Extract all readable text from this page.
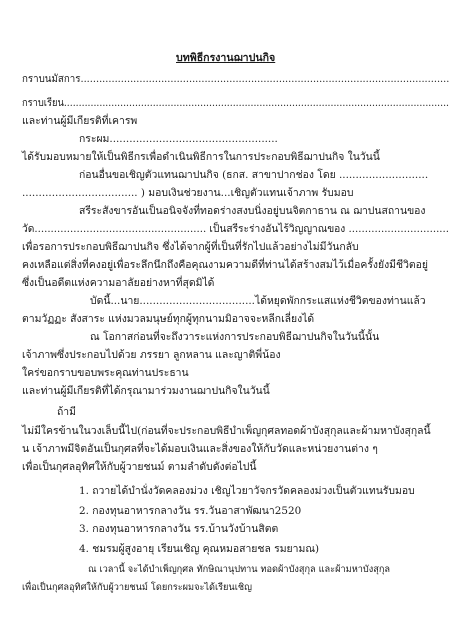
บทพิธีกรงานฌาปนกิจ
กราบนมัสการ.......................................................................................................................
กราบเรียน..................................................................................................................................
และท่านผู้มีเกียรติที่เคารพ
กระผม...................................................
ได้รับมอบหมายให้เป็นพิธีกรเพื่อดำเนินพิธีการในการประกอบพิธีฌาปนกิจ ในวันนี้
ก่อนอื่นขอเชิญตัวแทนฌาปนกิจ (ธกส. สาขาปากช่อง โดย ...........................
................................... ) มอบเงินช่วยงาน...เชิญตัวแทนเจ้าภาพ รับมอบ
สรีระสังขารอันเป็นอนิจจังที่ทอดร่างสงบนิ่งอยู่บนจิตกาธาน ณ ฌาปนสถานของ
วัด..................................................... เป็นสรีระร่างอันไร้วิญญาณของ ...............................
เพื่อรอการประกอบพิธีฌาปนกิจ ซึ่งได้จากผู้ที่เป็นที่รักไปแล้วอย่างไม่มีวันกลับ
คงเหลือแต่สิ่งที่คงอยู่เพื่อระลึกนึกถึงคือคุณงามความดีที่ท่านได้สร้างสมไว้เมื่อครั้งยังมีชีวิตอยู่
ซึ่งเป็นอดีตแห่งความอาลัยอย่างหาที่สุดมิได้
บัดนี้...นาย...................................ได้หยุดพักกระแสแห่งชีวิตของท่านแล้ว
ตามวัฏฏะ สังสาระ แห่งมวลมนุษย์ทุกผู้ทุกนามมิอาจจะหลีกเลี่ยงได้
ณ โอกาสก่อนที่จะถึงวาระแห่งการประกอบพิธีฌาปนกิจในวันนี้นั้น
เจ้าภาพซึ่งประกอบไปด้วย ภรรยา ลูกหลาน และญาติพี่น้อง
ใคร่ขอกราบขอบพระคุณท่านประธาน
และท่านผู้มีเกียรติที่ได้กรุณามาร่วมงานฌาปนกิจในวันนี้
ถ้ามี
ไม่มีใครข้านในวงเล็บนี้ไป(ก่อนที่จะประกอบพิธีบำเพ็ญกุศลทอดผ้าบังสุกุลและผ้ามหาบังสุกุลนี้
น เจ้าภาพมีจิตอันเป็นกุศลที่จะได้มอบเงินและสิ่งของให้กับวัดและหน่วยงานต่าง ๆ
เพื่อเป็นกุศลอุทิศให้กับผู้วายชนม์ ตามลำดับดังต่อไปนี้
1. ถวายได้บำนั่งวัดคลองม่วง เชิญไวยาวัจกรวัดคลองม่วงเป็นตัวแทนรับมอบ
2. กองทุนอาหารกลางวัน รร.วันอาสาพัฒนา2520
3. กองทุนอาหารกลางวัน รร.บ้านวังบ้านสิตต
4. ชมรมผู้สูงอายุ เรียนเชิญ คุณหมอสายชล รมยามณ)
ณ เวลานี้ จะได้บำเพ็ญกุศล ทักษิณานุปทาน ทอดผ้าบังสุกุล และผ้ามหาบังสุกุล
เพื่อเป็นกุศลอุทิศให้กับผู้วายชนม์ โดยกระผมจะได้เรียนเชิญ
